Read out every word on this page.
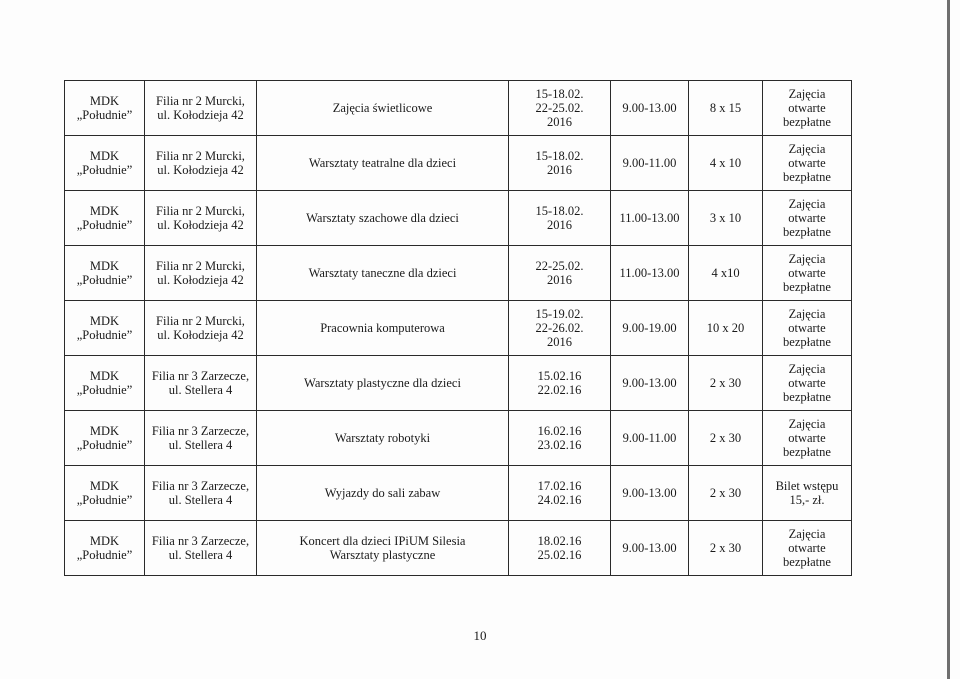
MDK
„Południe”	Filia nr 2 Murcki,
ul. Kołodzieja 42	Zajęcia świetlicowe	15-18.02.
22-25.02.
2016	9.00-13.00	8 x 15	Zajęcia
otwarte
bezpłatne
MDK
„Południe”	Filia nr 2 Murcki,
ul. Kołodzieja 42	Warsztaty teatralne dla dzieci	15-18.02.
2016	9.00-11.00	4 x 10	Zajęcia
otwarte
bezpłatne
MDK
„Południe”	Filia nr 2 Murcki,
ul. Kołodzieja 42	Warsztaty szachowe dla dzieci	15-18.02.
2016	11.00-13.00	3 x 10	Zajęcia
otwarte
bezpłatne
MDK
„Południe”	Filia nr 2 Murcki,
ul. Kołodzieja 42	Warsztaty taneczne dla dzieci	22-25.02.
2016	11.00-13.00	4 x10	Zajęcia
otwarte
bezpłatne
MDK
„Południe”	Filia nr 2 Murcki,
ul. Kołodzieja 42	Pracownia komputerowa	15-19.02.
22-26.02.
2016	9.00-19.00	10 x 20	Zajęcia
otwarte
bezpłatne
MDK
„Południe”	Filia nr 3 Zarzecze,
ul. Stellera 4	Warsztaty plastyczne dla dzieci	15.02.16
22.02.16	9.00-13.00	2 x 30	Zajęcia
otwarte
bezpłatne
MDK
„Południe”	Filia nr 3 Zarzecze,
ul. Stellera 4	Warsztaty robotyki	16.02.16
23.02.16	9.00-11.00	2 x 30	Zajęcia
otwarte
bezpłatne
MDK
„Południe”	Filia nr 3 Zarzecze,
ul. Stellera 4	Wyjazdy do sali zabaw	17.02.16
24.02.16	9.00-13.00	2 x 30	Bilet wstępu
15,- zł.
MDK
„Południe”	Filia nr 3 Zarzecze,
ul. Stellera 4	Koncert dla dzieci IPiUM Silesia
Warsztaty plastyczne	18.02.16
25.02.16	9.00-13.00	2 x 30	Zajęcia
otwarte
bezpłatne
10
